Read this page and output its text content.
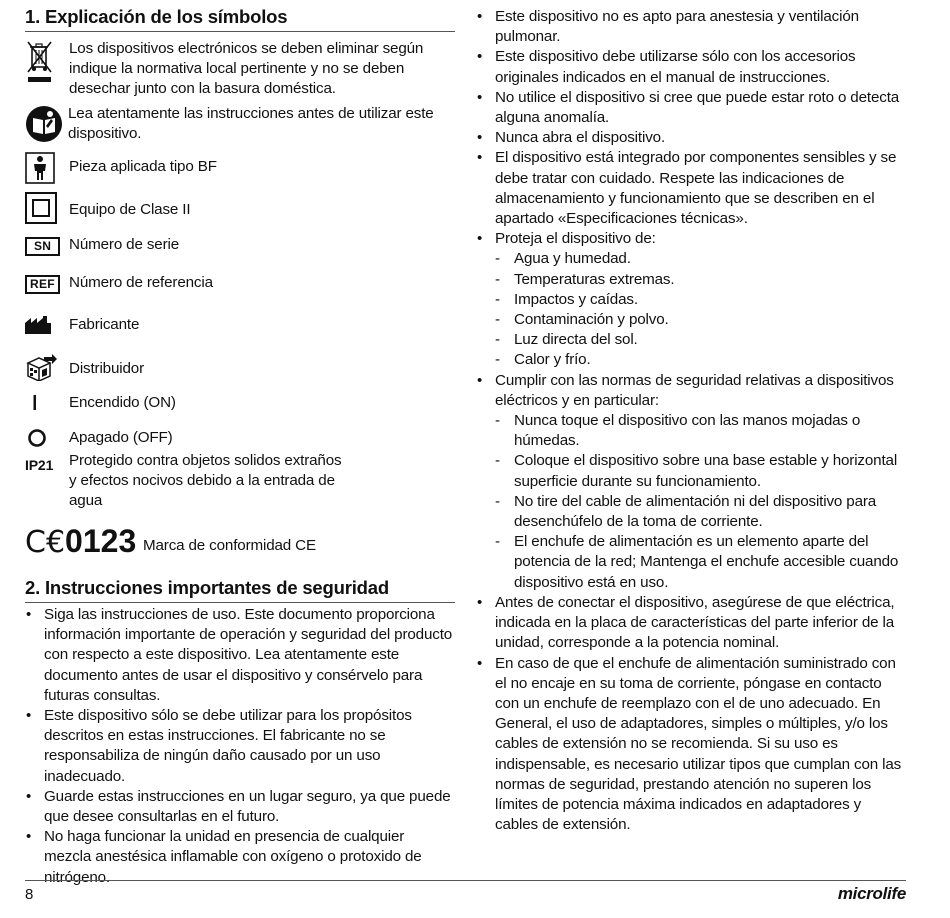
1. Explicación de los símbolos
Los dispositivos electrónicos se deben eliminar según indique la normativa local pertinente y no se deben desechar junto con la basura doméstica.
Lea atentamente las instrucciones antes de utilizar este dispositivo.
Pieza aplicada tipo BF
Equipo de Clase II
SN	Número de serie
REF Número de referencia
Fabricante
Distribuidor
Encendido (ON)
Apagado (OFF)
IP21 Protegido contra objetos solidos extraños y efectos nocivos debido a la entrada de agua
C€0123 Marca de conformidad CE
2. Instrucciones importantes de seguridad
• Siga las instrucciones de uso. Este documento proporciona información importante de operación y seguridad del producto con respecto a este dispositivo. Lea atentamente este documento antes de usar el dispositivo y consérvelo para futuras consultas.
• Este dispositivo sólo se debe utilizar para los propósitos descritos en estas instrucciones. El fabricante no se responsabiliza de ningún daño causado por un uso inadecuado.
• Guarde estas instrucciones en un lugar seguro, ya que puede que desee consultarlas en el futuro.
• No haga funcionar la unidad en presencia de cualquier mezcla anestésica inflamable con oxígeno o protoxido de nitrógeno.
• Este dispositivo no es apto para anestesia y ventilación pulmonar.
• Este dispositivo debe utilizarse sólo con los accesorios originales indicados en el manual de instrucciones.
• No utilice el dispositivo si cree que puede estar roto o detecta alguna anomalía.
• Nunca abra el dispositivo.
• El dispositivo está integrado por componentes sensibles y se debe tratar con cuidado. Respete las indicaciones de almacenamiento y funcionamiento que se describen en el apartado «Especificaciones técnicas».
• Proteja el dispositivo de:
- Agua y humedad.
- Temperaturas extremas.
- Impactos y caídas.
- Contaminación y polvo.
- Luz directa del sol.
- Calor y frío.
• Cumplir con las normas de seguridad relativas a dispositivos eléctricos y en particular:
- Nunca toque el dispositivo con las manos mojadas o húmedas.
- Coloque el dispositivo sobre una base estable y horizontal superficie durante su funcionamiento.
- No tire del cable de alimentación ni del dispositivo para desenchúfelo de la toma de corriente.
- El enchufe de alimentación es un elemento aparte del potencia de la red; Mantenga el enchufe accesible cuando dispositivo está en uso.
• Antes de conectar el dispositivo, asegúrese de que eléctrica, indicada en la placa de características del parte inferior de la unidad, corresponde a la potencia nominal.
• En caso de que el enchufe de alimentación suministrado con el no encaje en su toma de corriente, póngase en contacto con un enchufe de reemplazo con el de uno adecuado. En General, el uso de adaptadores, simples o múltiples, y/o los cables de extensión no se recomienda. Si su uso es indispensable, es necesario utilizar tipos que cumplan con las normas de seguridad, prestando atención no superen los límites de potencia máxima indicados en adaptadores y cables de extensión.
8	microlife
